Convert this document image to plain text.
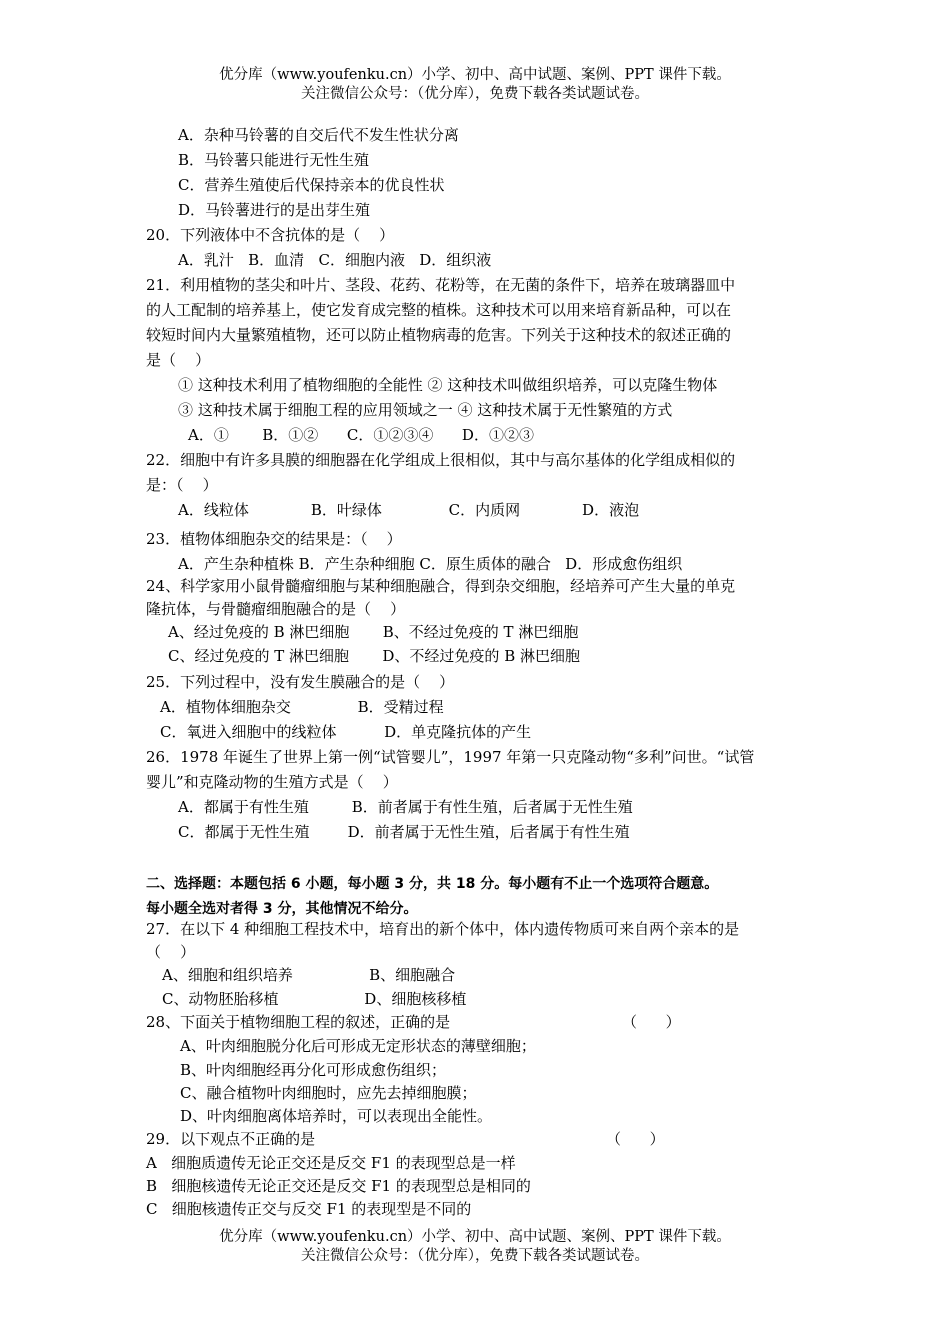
优分库（www.youfenku.cn）小学、初中、高中试题、案例、PPT 课件下载。
关注微信公众号：（优分库），免费下载各类试题试卷。
A．杂种马铃薯的自交后代不发生性状分离
B．马铃薯只能进行无性生殖
C．营养生殖使后代保持亲本的优良性状
D．马铃薯进行的是出芽生殖
20．下列液体中不含抗体的是（    ）
A．乳汁   B．血清   C．细胞内液   D．组织液
21．利用植物的茎尖和叶片、茎段、花药、花粉等，在无菌的条件下，培养在玻璃器皿中
的人工配制的培养基上，使它发育成完整的植株。这种技术可以用来培育新品种，可以在
较短时间内大量繁殖植物，还可以防止植物病毒的危害。下列关于这种技术的叙述正确的
是（    ）
① 这种技术利用了植物细胞的全能性 ② 这种技术叫做组织培养，可以克隆生物体
③ 这种技术属于细胞工程的应用领域之一 ④ 这种技术属于无性繁殖的方式
A．①       B．①②      C．①②③④      D．①②③
22．细胞中有许多具膜的细胞器在化学组成上很相似，其中与高尔基体的化学组成相似的
是：（    ）
A．线粒体             B．叶绿体              C．内质网             D．液泡
23．植物体细胞杂交的结果是：（    ）
A．产生杂种植株 B．产生杂种细胞 C．原生质体的融合   D．形成愈伤组织
24、科学家用小鼠骨髓瘤细胞与某种细胞融合，得到杂交细胞，经培养可产生大量的单克
隆抗体，与骨髓瘤细胞融合的是（    ）
A、经过免疫的 B 淋巴细胞       B、不经过免疫的 T 淋巴细胞
C、经过免疫的 T 淋巴细胞       D、不经过免疫的 B 淋巴细胞
25．下列过程中，没有发生膜融合的是（    ）
A．植物体细胞杂交              B．受精过程
C．氧进入细胞中的线粒体          D．单克隆抗体的产生
26．1978 年诞生了世界上第一例“试管婴儿”，1997 年第一只克隆动物“多利”问世。“试管
婴儿”和克隆动物的生殖方式是（    ）
A．都属于有性生殖         B．前者属于有性生殖，后者属于无性生殖
C．都属于无性生殖        D．前者属于无性生殖，后者属于有性生殖
二、选择题：本题包括 6 小题，每小题 3 分，共 18 分。每小题有不止一个选项符合题意。
每小题全选对者得 3 分，其他情况不给分。
27．在以下 4 种细胞工程技术中，培育出的新个体中，体内遗传物质可来自两个亲本的是
（    ）
A、细胞和组织培养                B、细胞融合
C、动物胚胎移植                  D、细胞核移植
28、下面关于植物细胞工程的叙述，正确的是	（      ）
A、叶肉细胞脱分化后可形成无定形状态的薄壁细胞；
B、叶肉细胞经再分化可形成愈伤组织；
C、融合植物叶肉细胞时，应先去掉细胞膜；
D、叶肉细胞离体培养时，可以表现出全能性。
29．以下观点不正确的是	（      ）
A   细胞质遗传无论正交还是反交 F1 的表现型总是一样
B   细胞核遗传无论正交还是反交 F1 的表现型总是相同的
C   细胞核遗传正交与反交 F1 的表现型是不同的
优分库（www.youfenku.cn）小学、初中、高中试题、案例、PPT 课件下载。
关注微信公众号：（优分库），免费下载各类试题试卷。
